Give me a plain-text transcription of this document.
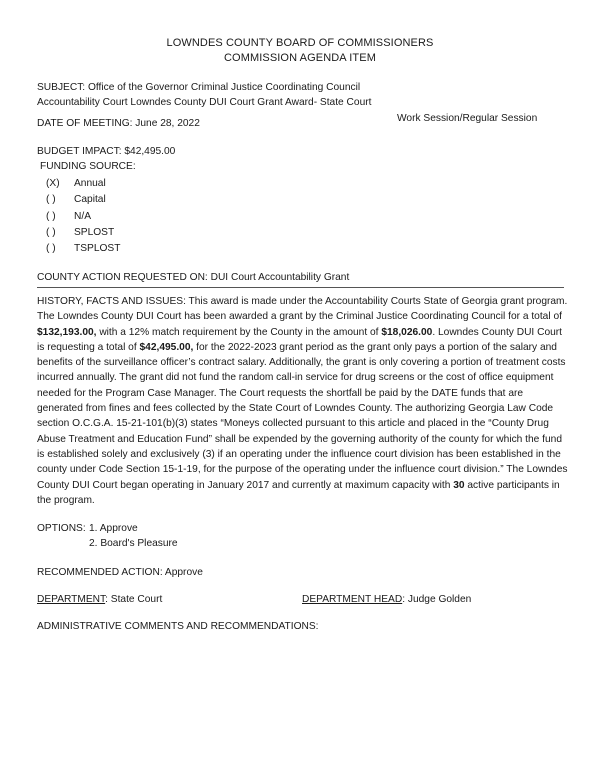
LOWNDES COUNTY BOARD OF COMMISSIONERS
COMMISSION AGENDA ITEM
SUBJECT: Office of the Governor Criminal Justice Coordinating Council
Accountability Court Lowndes County DUI Court Grant Award- State Court
DATE OF MEETING: June 28, 2022	Work Session/Regular Session
BUDGET IMPACT: $42,495.00
FUNDING SOURCE:
(X) Annual
( ) Capital
( ) N/A
( ) SPLOST
( ) TSPLOST
COUNTY ACTION REQUESTED ON: DUI Court Accountability Grant
HISTORY, FACTS AND ISSUES: This award is made under the Accountability Courts State of Georgia grant program. The Lowndes County DUI Court has been awarded a grant by the Criminal Justice Coordinating Council for a total of $132,193.00, with a 12% match requirement by the County in the amount of $18,026.00. Lowndes County DUI Court is requesting a total of $42,495.00, for the 2022-2023 grant period as the grant only pays a portion of the salary and benefits of the surveillance officer’s contract salary. Additionally, the grant is only covering a portion of treatment costs incurred annually. The grant did not fund the random call-in service for drug screens or the cost of office equipment needed for the Program Case Manager. The Court requests the shortfall be paid by the DATE funds that are generated from fines and fees collected by the State Court of Lowndes County. The authorizing Georgia Law Code section O.C.G.A. 15-21-101(b)(3) states “Moneys collected pursuant to this article and placed in the “County Drug Abuse Treatment and Education Fund” shall be expended by the governing authority of the county for which the fund is established solely and exclusively (3) if an operating under the influence court division has been established in the county under Code Section 15-1-19, for the purpose of the operating under the influence court division.” The Lowndes County DUI Court began operating in January 2017 and currently at maximum capacity with 30 active participants in the program.
OPTIONS: 1. Approve
2. Board's Pleasure
RECOMMENDED ACTION: Approve
DEPARTMENT: State Court	DEPARTMENT HEAD: Judge Golden
ADMINISTRATIVE COMMENTS AND RECOMMENDATIONS:
